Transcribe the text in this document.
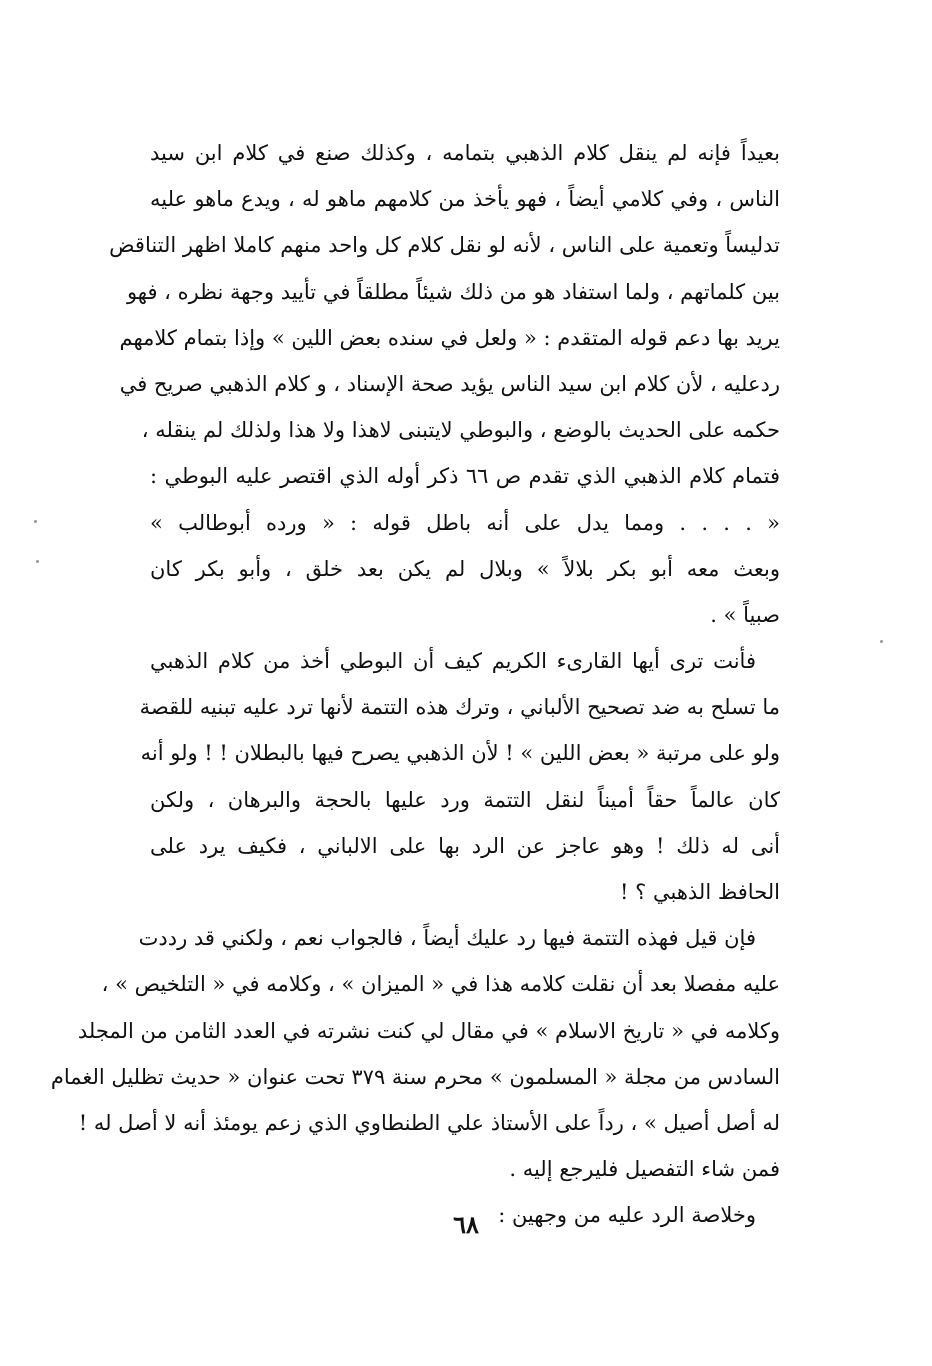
بعيداً فإنه لم ينقل كلام الذهبي بتمامه ، وكذلك صنع في كلام ابن سيد
الناس ، وفي كلامي أيضاً ، فهو يأخذ من كلامهم ماهو له ، ويدع ماهو عليه
تدليساً وتعمية على الناس ، لأنه لو نقل كلام كل واحد منهم كاملا اظهر التناقض
بين كلماتهم ، ولما استفاد هو من ذلك شيئاً مطلقاً في تأييد وجهة نظره ، فهو
يريد بها دعم قوله المتقدم : « ولعل في سنده بعض اللين » وإذا بتمام كلامهم
ردعليه ، لأن كلام ابن سيد الناس يؤيد صحة الإسناد ، و كلام الذهبي صريح في
حكمه على الحديث بالوضع ، والبوطي لايتبنى لاهذا ولا هذا ولذلك لم ينقله ،
فتمام كلام الذهبي الذي تقدم ص ٦٦ ذكر أوله الذي اقتصر عليه البوطي :
« . . . . ومما يدل على أنه باطل قوله : « ورده أبوطالب »
وبعث معه أبو بكر بلالاً » وبلال لم يكن بعد خلق ، وأبو بكر كان
صبياً » .
فأنت ترى أيها القارىء الكريم كيف أن البوطي أخذ من كلام الذهبي
ما تسلح به ضد تصحيح الألباني ، وترك هذه التتمة لأنها ترد عليه تبنيه للقصة
ولو على مرتبة « بعض اللين » ! لأن الذهبي يصرح فيها بالبطلان ! ! ولو أنه
كان عالماً حقاً أميناً لنقل التتمة ورد عليها بالحجة والبرهان ، ولكن
أنى له ذلك ! وهو عاجز عن الرد بها على الالباني ، فكيف يرد على
الحافظ الذهبي ؟ !
فإن قيل فهذه التتمة فيها رد عليك أيضاً ، فالجواب نعم ، ولكني قد رددت
عليه مفصلا بعد أن نقلت كلامه هذا في « الميزان » ، وكلامه في « التلخيص » ،
وكلامه في « تاريخ الاسلام » في مقال لي كنت نشرته في العدد الثامن من المجلد
السادس من مجلة « المسلمون » محرم سنة ٣٧٩ تحت عنوان « حديث تظليل الغمام
له أصل أصيل » ، رداً على الأستاذ علي الطنطاوي الذي زعم يومئذ أنه لا أصل له !
فمن شاء التفصيل فليرجع إليه .
وخلاصة الرد عليه من وجهين :
٦٨
